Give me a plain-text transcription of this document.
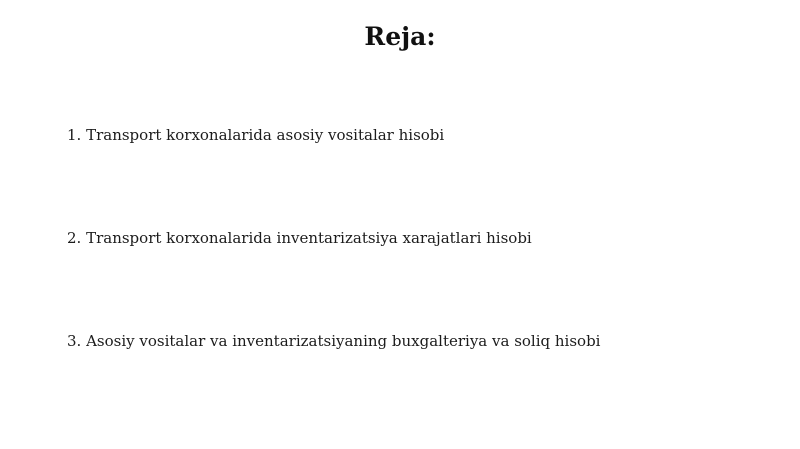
Reja:
1. Transport korxonalarida asosiy vositalar hisobi
2. Transport korxonalarida inventarizatsiya xarajatlari hisobi
3. Asosiy vositalar va inventarizatsiyaning buxgalteriya va soliq hisobi
